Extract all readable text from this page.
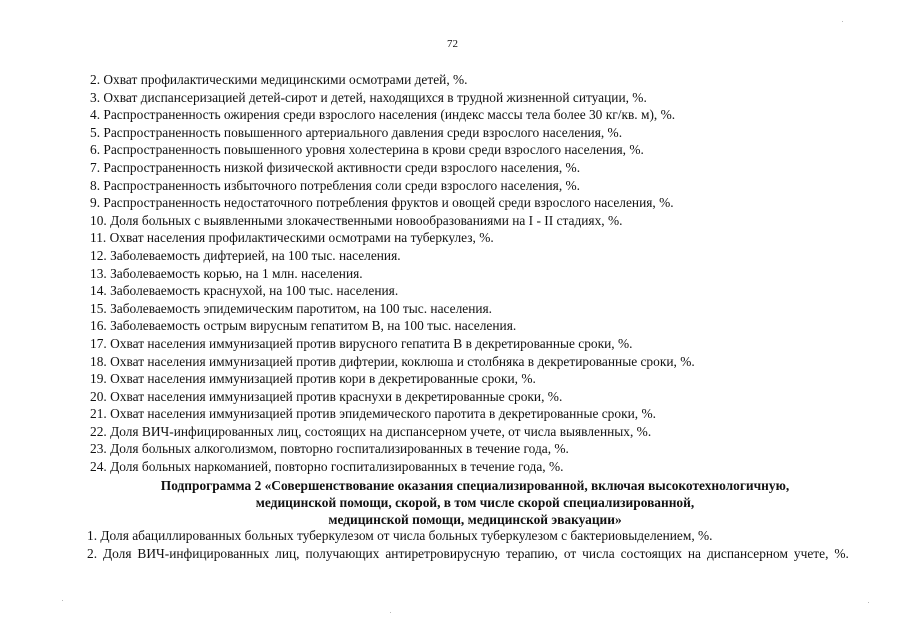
72
2. Охват профилактическими медицинскими осмотрами детей, %.
3. Охват диспансеризацией детей-сирот и детей, находящихся в трудной жизненной ситуации, %.
4. Распространенность ожирения среди взрослого населения (индекс массы тела более 30 кг/кв. м), %.
5. Распространенность повышенного артериального давления среди взрослого населения, %.
6. Распространенность повышенного уровня холестерина в крови среди взрослого населения, %.
7. Распространенность низкой физической активности среди взрослого населения, %.
8. Распространенность избыточного потребления соли среди взрослого населения, %.
9. Распространенность недостаточного потребления фруктов и овощей среди взрослого населения, %.
10. Доля больных с выявленными злокачественными новообразованиями на I - II стадиях, %.
11. Охват населения профилактическими осмотрами на туберкулез, %.
12. Заболеваемость дифтерией, на 100 тыс. населения.
13. Заболеваемость корью, на 1 млн. населения.
14. Заболеваемость краснухой, на 100 тыс. населения.
15. Заболеваемость эпидемическим паротитом, на 100 тыс. населения.
16. Заболеваемость острым вирусным гепатитом В, на 100 тыс. населения.
17. Охват населения иммунизацией против вирусного гепатита В в декретированные сроки, %.
18. Охват населения иммунизацией против дифтерии, коклюша и столбняка в декретированные сроки, %.
19. Охват населения иммунизацией против кори в декретированные сроки, %.
20. Охват населения иммунизацией против краснухи в декретированные сроки, %.
21. Охват населения иммунизацией против эпидемического паротита в декретированные сроки, %.
22. Доля ВИЧ-инфицированных лиц, состоящих на диспансерном учете, от числа выявленных, %.
23. Доля больных алкоголизмом, повторно госпитализированных в течение года, %.
24. Доля больных наркоманией, повторно госпитализированных в течение года, %.
Подпрограмма 2 «Совершенствование оказания специализированной, включая высокотехнологичную,
медицинской помощи, скорой, в том числе скорой специализированной,
медицинской помощи, медицинской эвакуации»
1. Доля абациллированных больных туберкулезом от числа больных туберкулезом с бактериовыделением, %.
2. Доля ВИЧ-инфицированных лиц, получающих антиретровирусную терапию, от числа состоящих на диспансерном учете, %.
